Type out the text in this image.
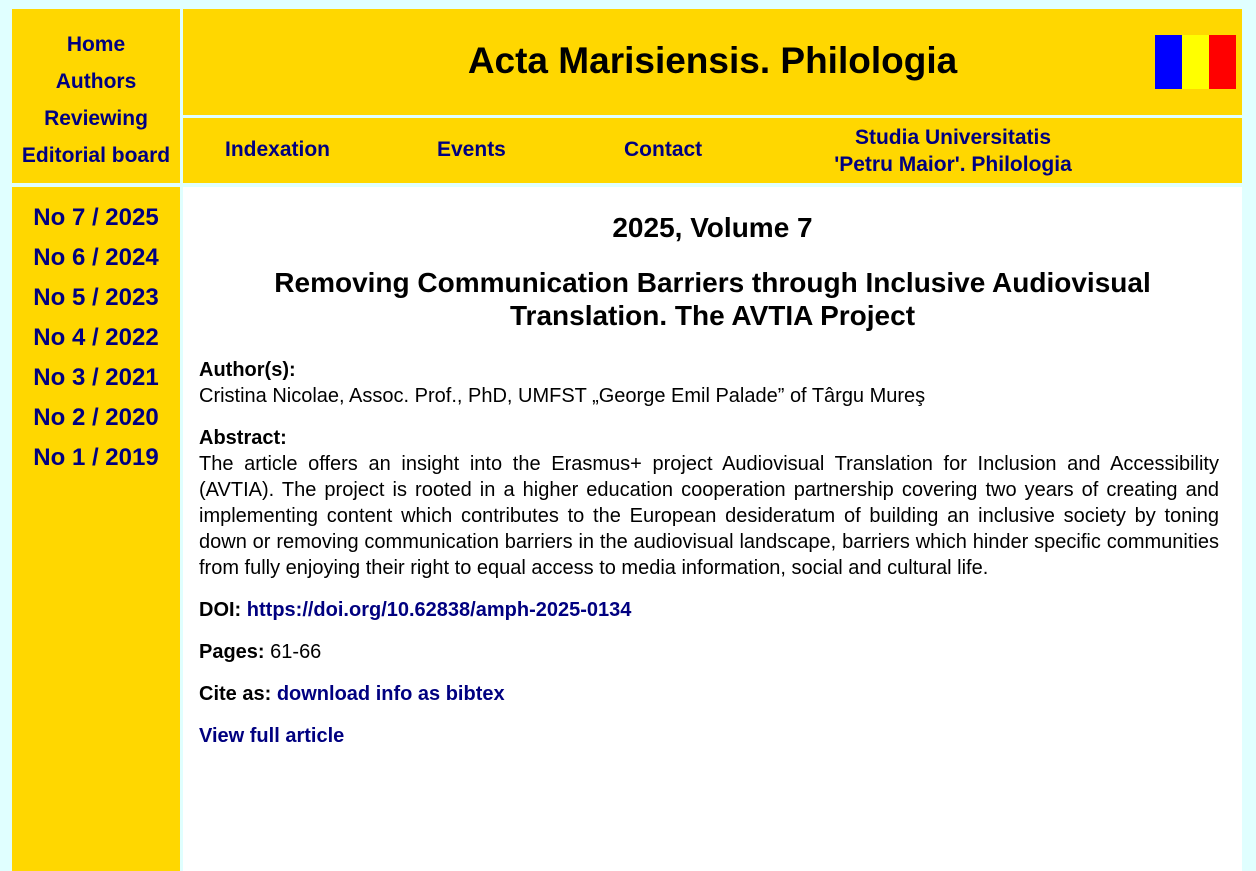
Home
Authors
Reviewing
Editorial board
Acta Marisiensis. Philologia
Indexation	Events	Contact
Studia Universitatis
'Petru Maior'. Philologia
No 7 / 2025
No 6 / 2024
No 5 / 2023
No 4 / 2022
No 3 / 2021
No 2 / 2020
No 1 / 2019
2025, Volume 7
Removing Communication Barriers through Inclusive Audiovisual Translation. The AVTIA Project
Author(s):
Cristina Nicolae, Assoc. Prof., PhD, UMFST „George Emil Palade” of Târgu Mureş
Abstract:
The article offers an insight into the Erasmus+ project Audiovisual Translation for Inclusion and Accessibility (AVTIA). The project is rooted in a higher education cooperation partnership covering two years of creating and implementing content which contributes to the European desideratum of building an inclusive society by toning down or removing communication barriers in the audiovisual landscape, barriers which hinder specific communities from fully enjoying their right to equal access to media information, social and cultural life.
DOI: https://doi.org/10.62838/amph-2025-0134
Pages: 61-66
Cite as: download info as bibtex
View full article
